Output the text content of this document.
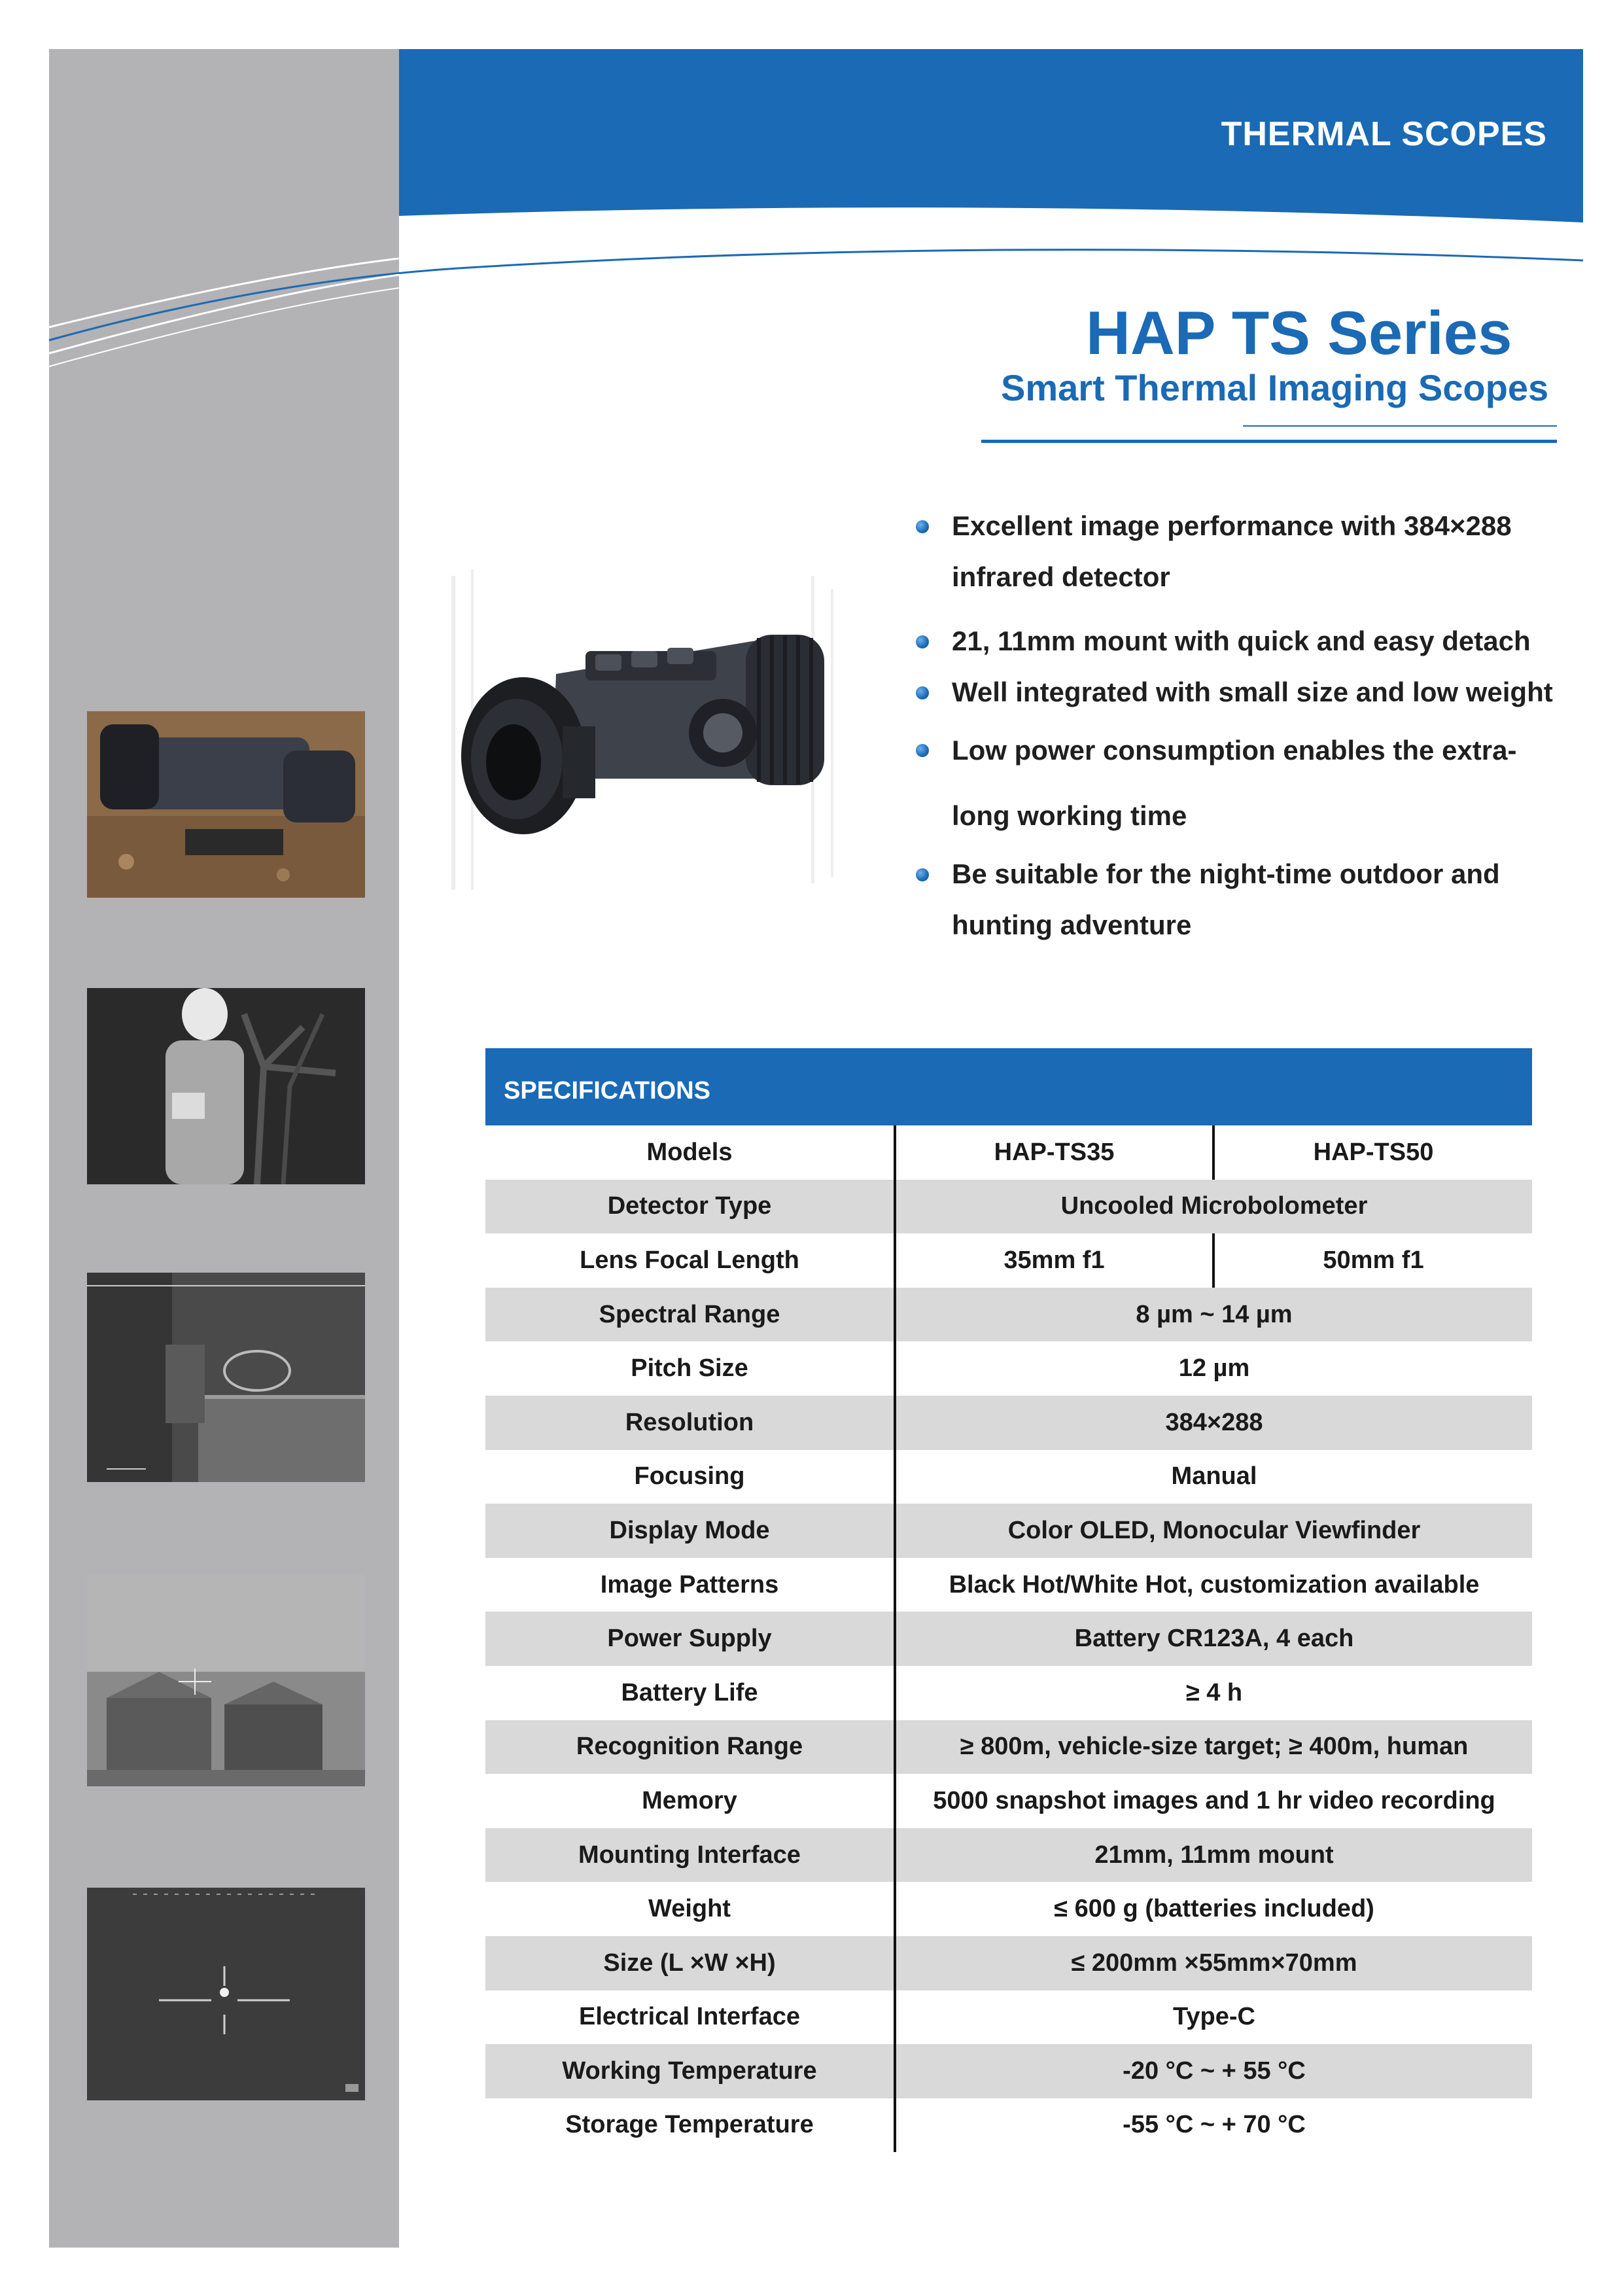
THERMAL SCOPES
HAP TS Series
Smart Thermal Imaging Scopes
Excellent image performance with 384×288 infrared detector
21, 11mm mount with quick and easy detach
Well integrated with small size and low weight
Low power consumption enables the extra-long working time
Be suitable for the night-time outdoor and hunting adventure
SPECIFICATIONS
Models	HAP-TS35	HAP-TS50
Detector Type	Uncooled Microbolometer	
Lens Focal Length	35mm f1	50mm f1
Spectral Range	8 µm ~ 14 µm	
Pitch Size	12 µm	
Resolution	384×288	
Focusing	Manual	
Display Mode	Color OLED, Monocular Viewfinder	
Image Patterns	Black Hot/White Hot, customization available	
Power Supply	Battery CR123A, 4 each	
Battery Life	≥ 4 h	
Recognition Range	≥ 800m, vehicle-size target; ≥ 400m, human	
Memory	5000 snapshot images and 1 hr video recording	
Mounting Interface	21mm, 11mm mount	
Weight	≤ 600 g (batteries included)	
Size (L ×W ×H)	≤ 200mm ×55mm×70mm	
Electrical Interface	Type-C	
Working Temperature	-20 °C ~ + 55 °C	
Storage Temperature	-55 °C ~ + 70 °C	
